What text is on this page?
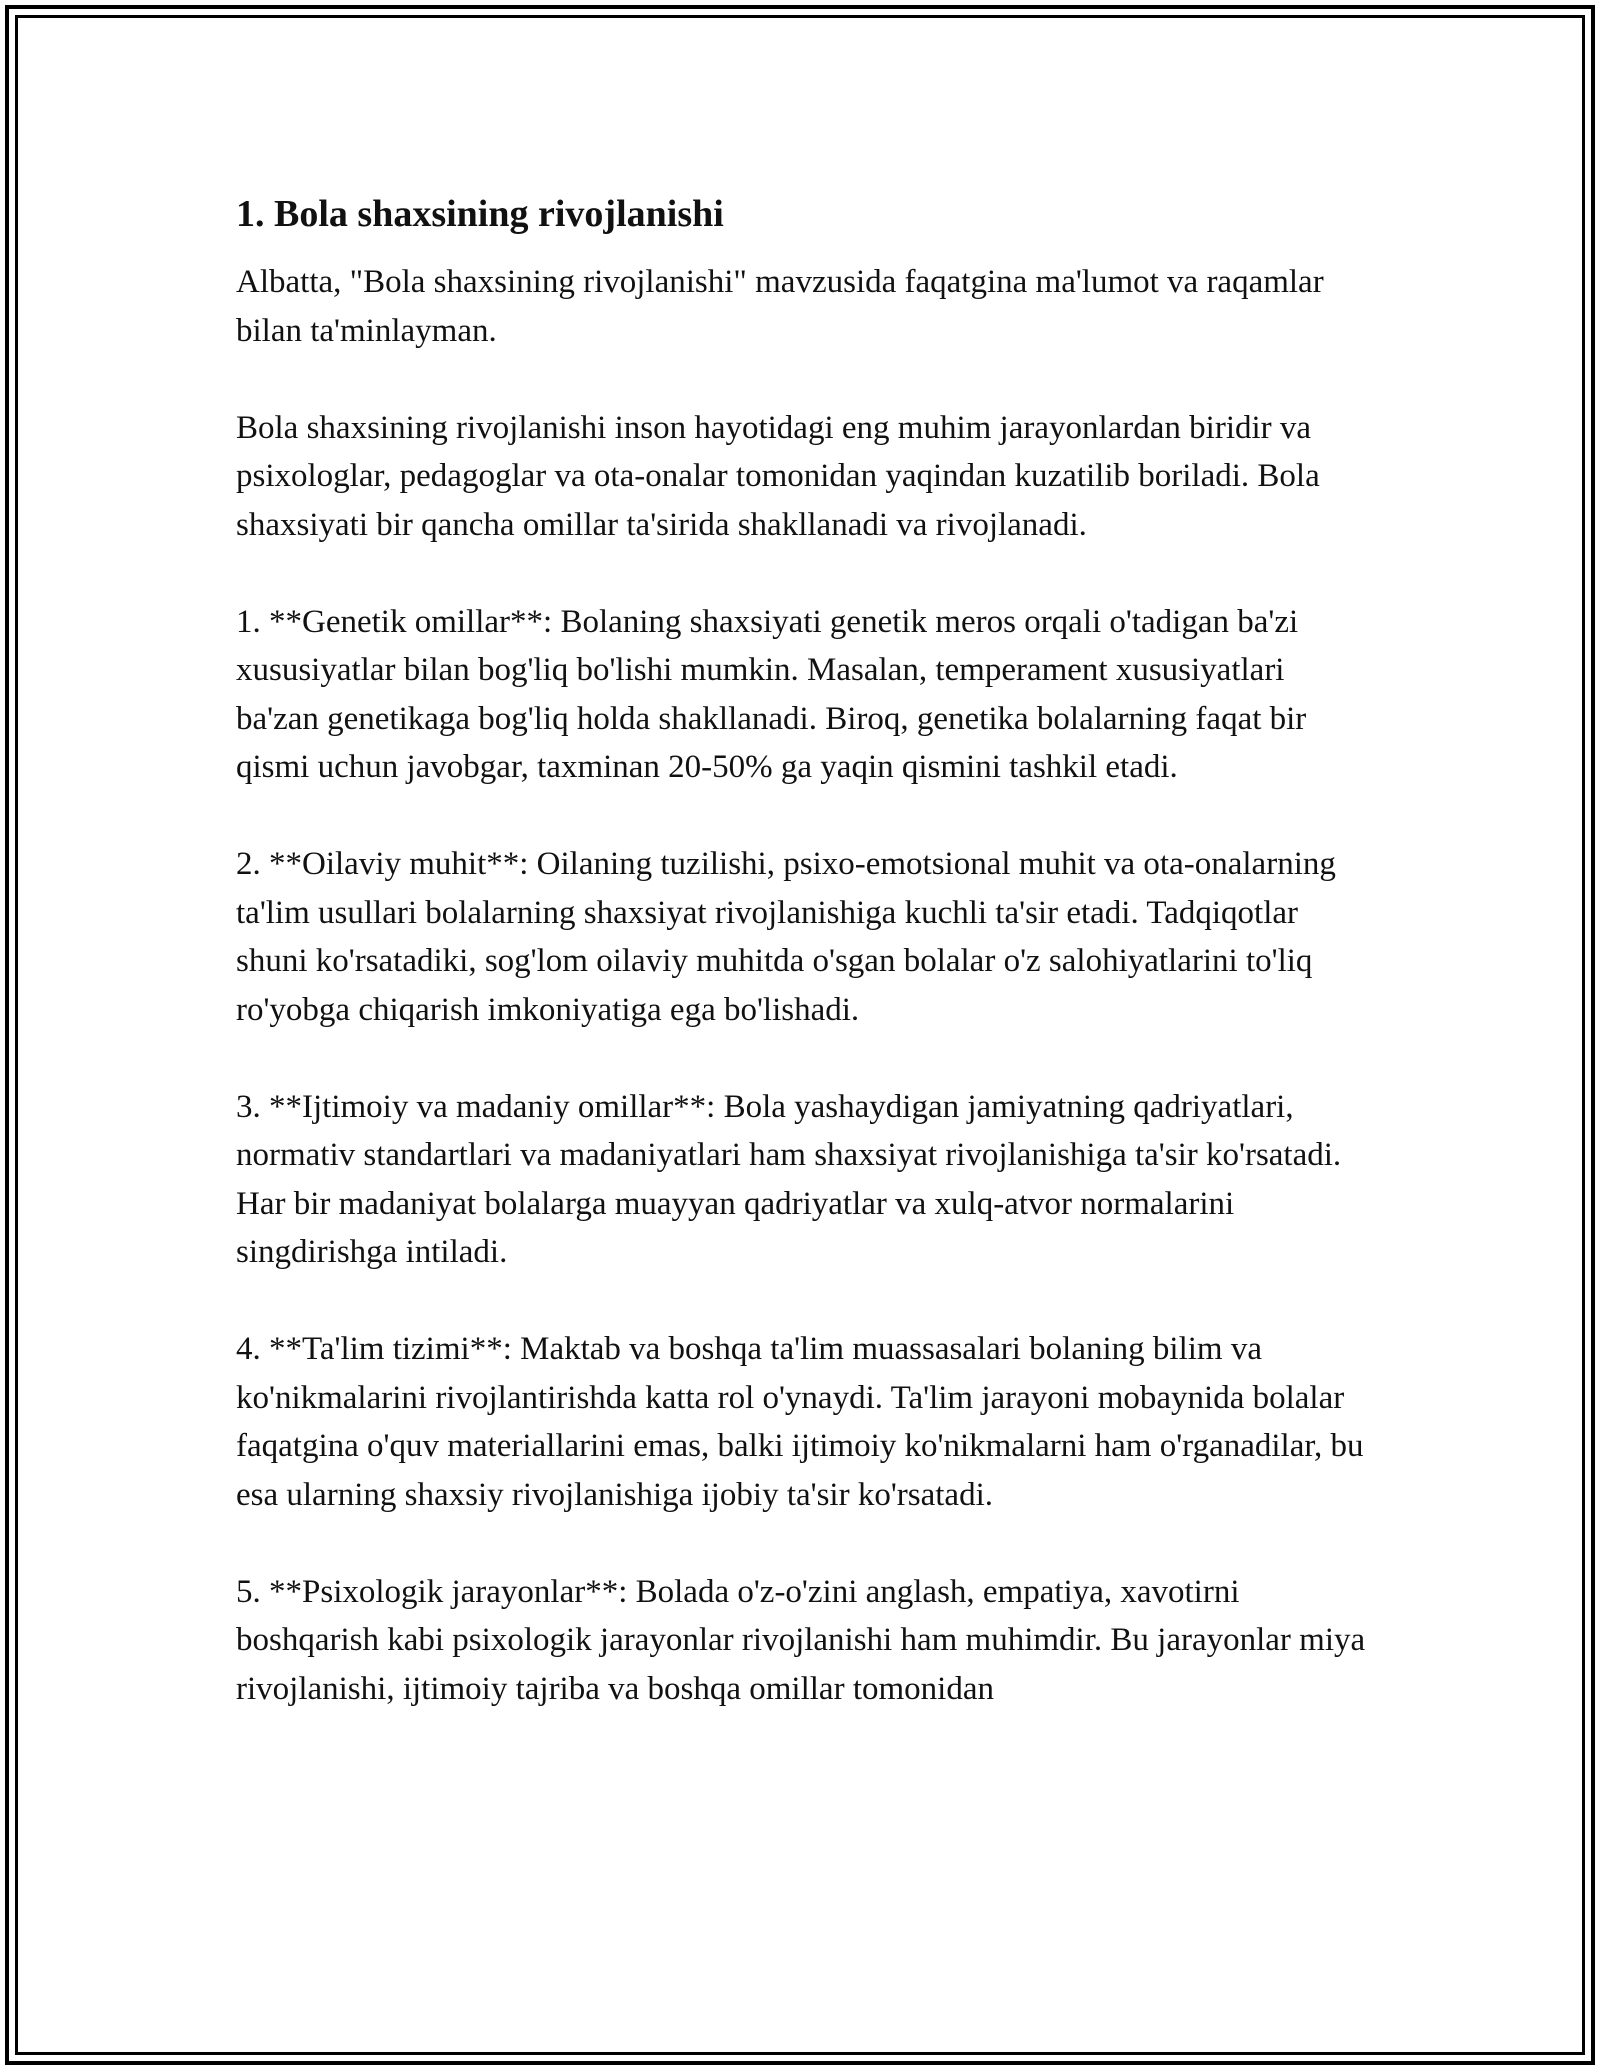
1. Bola shaxsining rivojlanishi

Albatta, "Bola shaxsining rivojlanishi" mavzusida faqatgina ma'lumot va raqamlar bilan ta'minlayman.

Bola shaxsining rivojlanishi inson hayotidagi eng muhim jarayonlardan biridir va psixologlar, pedagoglar va ota-onalar tomonidan yaqindan kuzatilib boriladi. Bola shaxsiyati bir qancha omillar ta'sirida shakllanadi va rivojlanadi.

1. **Genetik omillar**: Bolaning shaxsiyati genetik meros orqali o'tadigan ba'zi xususiyatlar bilan bog'liq bo'lishi mumkin. Masalan, temperament xususiyatlari ba'zan genetikaga bog'liq holda shakllanadi. Biroq, genetika bolalarning faqat bir qismi uchun javobgar, taxminan 20-50% ga yaqin qismini tashkil etadi.

2. **Oilaviy muhit**: Oilaning tuzilishi, psixo-emotsional muhit va ota-onalarning ta'lim usullari bolalarning shaxsiyat rivojlanishiga kuchli ta'sir etadi. Tadqiqotlar shuni ko'rsatadiki, sog'lom oilaviy muhitda o'sgan bolalar o'z salohiyatlarini to'liq ro'yobga chiqarish imkoniyatiga ega bo'lishadi.

3. **Ijtimoiy va madaniy omillar**: Bola yashaydigan jamiyatning qadriyatlari, normativ standartlari va madaniyatlari ham shaxsiyat rivojlanishiga ta'sir ko'rsatadi. Har bir madaniyat bolalarga muayyan qadriyatlar va xulq-atvor normalarini singdirishga intiladi.

4. **Ta'lim tizimi**: Maktab va boshqa ta'lim muassasalari bolaning bilim va ko'nikmalarini rivojlantirishda katta rol o'ynaydi. Ta'lim jarayoni mobaynida bolalar faqatgina o'quv materiallarini emas, balki ijtimoiy ko'nikmalarni ham o'rganadilar, bu esa ularning shaxsiy rivojlanishiga ijobiy ta'sir ko'rsatadi.

5. **Psixologik jarayonlar**: Bolada o'z-o'zini anglash, empatiya, xavotirni boshqarish kabi psixologik jarayonlar rivojlanishi ham muhimdir. Bu jarayonlar miya rivojlanishi, ijtimoiy tajriba va boshqa omillar tomonidan
